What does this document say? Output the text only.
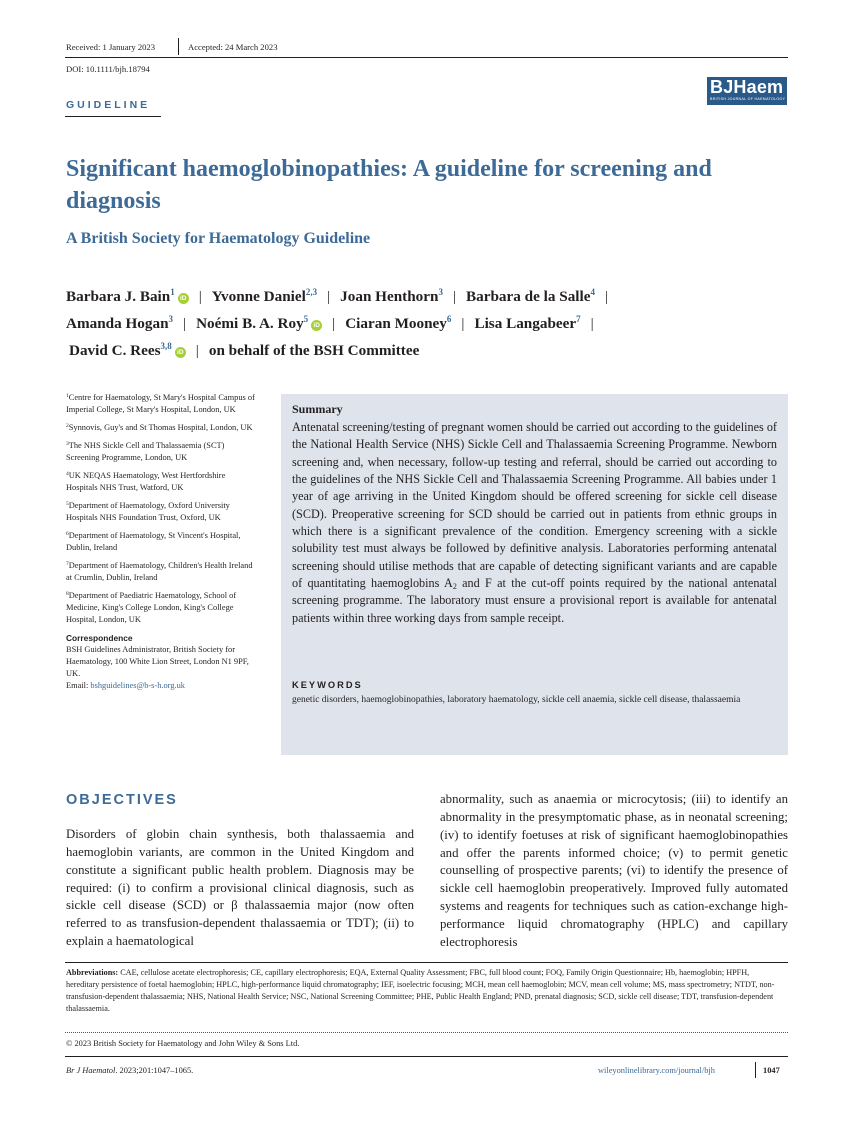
Received: 1 January 2023	Accepted: 24 March 2023
DOI: 10.1111/bjh.18794
GUIDELINE
BJHaem
BRITISH JOURNAL OF HAEMATOLOGY
Significant haemoglobinopathies: A guideline for screening and diagnosis
A British Society for Haematology Guideline
Barbara J. Bain$^1$iD | Yvonne Daniel$^{2,3}$ | Joan Henthorn$^3$ | Barbara de la Salle$^4$ |
Amanda Hogan$^3$ | Noémi B. A. Roy$^5$iD | Ciaran Mooney$^6$ | Lisa Langabeer$^7$ |
David C. Rees$^{3,8}$iD | on behalf of the BSH Committee

$^1$Centre for Haematology, St Mary's Hospital Campus of Imperial College, St Mary's Hospital, London, UK

$^2$Synnovis, Guy's and St Thomas Hospital, London, UK

$^3$The NHS Sickle Cell and Thalassaemia (SCT) Screening Programme, London, UK

$^4$UK NEQAS Haematology, West Hertfordshire Hospitals NHS Trust, Watford, UK

$^5$Department of Haematology, Oxford University Hospitals NHS Foundation Trust, Oxford, UK

$^6$Department of Haematology, St Vincent's Hospital, Dublin, Ireland

$^7$Department of Haematology, Children's Health Ireland at Crumlin, Dublin, Ireland

$^8$Department of Paediatric Haematology, School of Medicine, King's College London, King's College Hospital, London, UK

Correspondence
BSH Guidelines Administrator, British Society for Haematology, 100 White Lion Street, London N1 9PF, UK.
Email: bshguidelines@b-s-h.org.uk
Summary
Antenatal screening/testing of pregnant women should be carried out according to the guidelines of the National Health Service (NHS) Sickle Cell and Thalassaemia Screening Programme. Newborn screening and, when necessary, follow-up testing and referral, should be carried out according to the guidelines of the NHS Sickle Cell and Thalassaemia Screening Programme. All babies under 1 year of age arriving in the United Kingdom should be offered screening for sickle cell disease (SCD). Preoperative screening for SCD should be carried out in patients from ethnic groups in which there is a significant prevalence of the condition. Emergency screening with a sickle solubility test must always be followed by definitive analysis. Laboratories performing antenatal screening should utilise methods that are capable of detecting significant variants and are capable of quantitating haemoglobins $A_2$ and F at the cut-off points required by the national antenatal screening programme. The laboratory must ensure a provisional report is available for antenatal patients within three working days from sample receipt.
KEYWORDS
genetic disorders, haemoglobinopathies, laboratory haematology, sickle cell anaemia, sickle cell disease, thalassaemia
OBJECTIVES
Disorders of globin chain synthesis, both thalassaemia and haemoglobin variants, are common in the United Kingdom and constitute a significant public health problem. Diagnosis may be required: (i) to confirm a provisional clinical diagnosis, such as sickle cell disease (SCD) or β thalassaemia major (now often referred to as transfusion-dependent thalassaemia or TDT); (ii) to explain a haematological
abnormality, such as anaemia or microcytosis; (iii) to identify an abnormality in the presymptomatic phase, as in neonatal screening; (iv) to identify foetuses at risk of significant haemoglobinopathies and offer the parents informed choice; (v) to permit genetic counselling of prospective parents; (vi) to identify the presence of sickle cell haemoglobin preoperatively. Improved fully automated systems and reagents for techniques such as cation-exchange high-performance liquid chromatography (HPLC) and capillary electrophoresis
Abbreviations: CAE, cellulose acetate electrophoresis; CE, capillary electrophoresis; EQA, External Quality Assessment; FBC, full blood count; FOQ, Family Origin Questionnaire; Hb, haemoglobin; HPFH, hereditary persistence of foetal haemoglobin; HPLC, high-performance liquid chromatography; IEF, isoelectric focusing; MCH, mean cell haemoglobin; MCV, mean cell volume; MS, mass spectrometry; NTDT, non-transfusion-dependent thalassaemia; NHS, National Health Service; NSC, National Screening Committee; PHE, Public Health England; PND, prenatal diagnosis; SCD, sickle cell disease; TDT, transfusion-dependent thalassaemia.
© 2023 British Society for Haematology and John Wiley & Sons Ltd.
Br J Haematol. 2023;201:1047–1065.	wileyonlinelibrary.com/journal/bjh	1047
